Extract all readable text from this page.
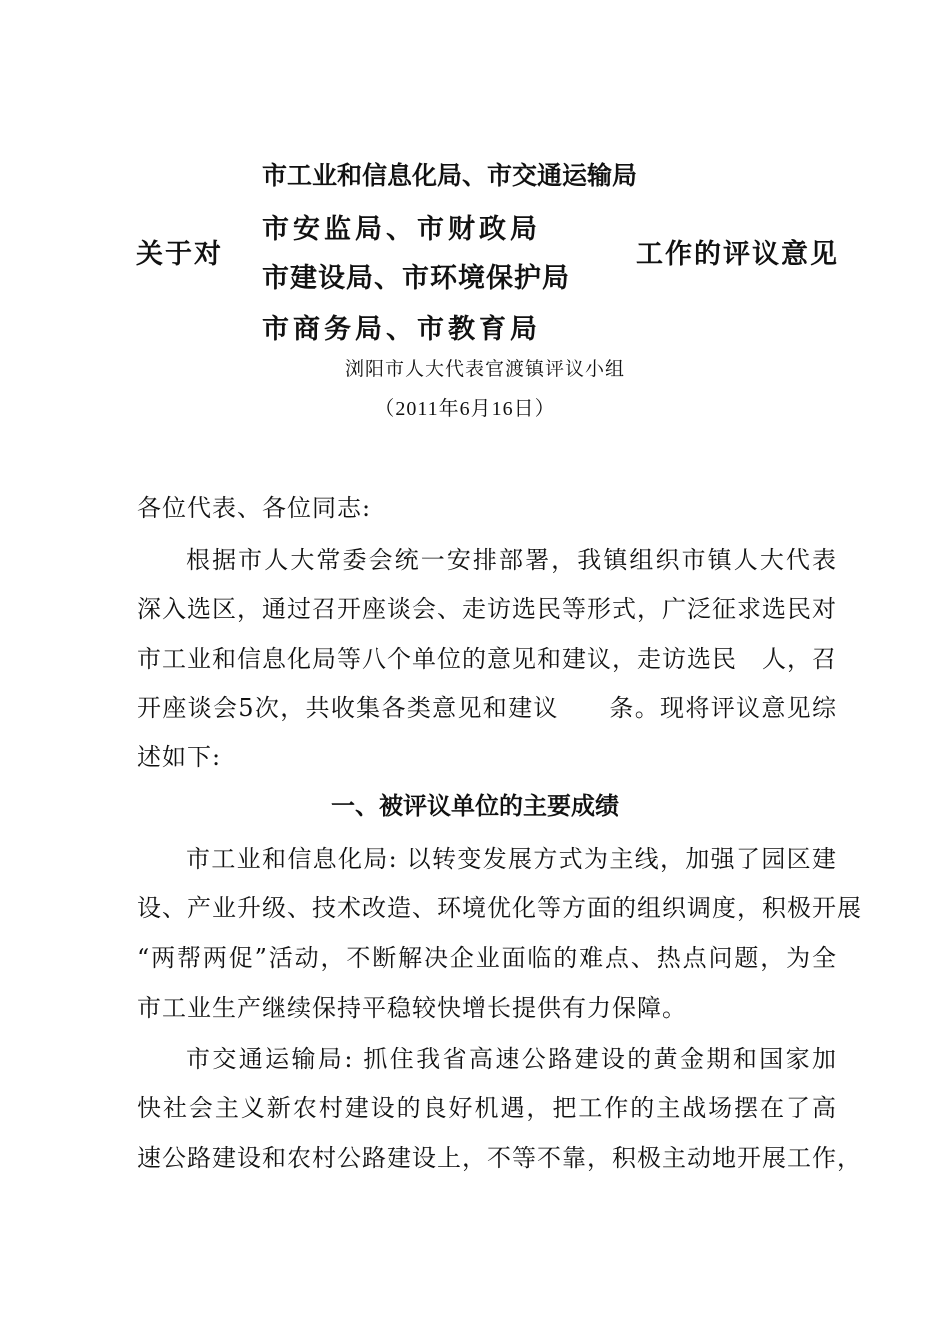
关于对
市工业和信息化局、市交通运输局
市安监局、市财政局
市建设局、市环境保护局
市商务局、市教育局
工作的评议意见
浏阳市人大代表官渡镇评议小组
（2011年6月16日）
各位代表、各位同志:
根据市人大常委会统一安排部署，我镇组织市镇人大代表
深入选区，通过召开座谈会、走访选民等形式，广泛征求选民对
市工业和信息化局等八个单位的意见和建议，走访选民　人，召
开座谈会5次，共收集各类意见和建议　　条。现将评议意见综
述如下:
一、被评议单位的主要成绩
市工业和信息化局: 以转变发展方式为主线，加强了园区建
设、产业升级、技术改造、环境优化等方面的组织调度，积极开展
“两帮两促”活动，不断解决企业面临的难点、热点问题，为全
市工业生产继续保持平稳较快增长提供有力保障。
市交通运输局: 抓住我省高速公路建设的黄金期和国家加
快社会主义新农村建设的良好机遇，把工作的主战场摆在了高
速公路建设和农村公路建设上，不等不靠，积极主动地开展工作，
